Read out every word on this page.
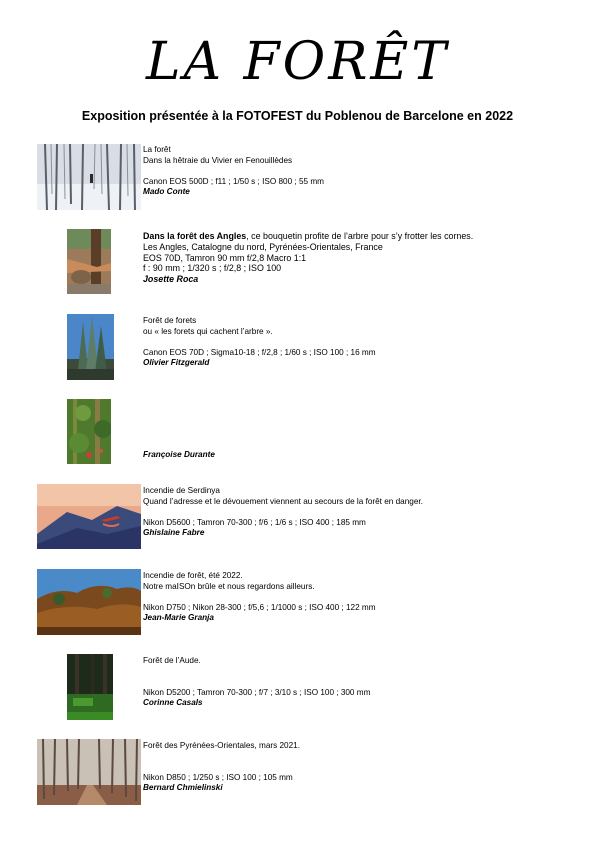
LA FORÊT
Exposition présentée à la FOTOFEST du Poblenou de Barcelone en 2022
La forêt
Dans la hêtraie du Vivier en Fenouillèdes
Canon EOS 500D ; f11 ; 1/50 s ; ISO 800 ; 55 mm
Mado Conte
Dans la forêt des Angles, ce bouquetin profite de l’arbre pour s’y frotter les cornes.
Les Angles, Catalogne du nord, Pyrénées-Orientales, France
EOS 70D, Tamron 90 mm f/2,8 Macro 1:1
f : 90 mm ; 1/320 s ; f/2,8 ; ISO 100
Josette Roca
Forêt de forets
ou « les forets qui cachent l’arbre ».
Canon EOS 70D ; Sigma10-18 ; f/2,8 ; 1/60 s ; ISO 100 ; 16 mm
Olivier Fitzgerald
Françoise Durante
Incendie de Serdinya
Quand l’adresse et le dévouement viennent au secours de la forêt en danger.
Nikon D5600 ; Tamron 70-300 ; f/6 ; 1/6 s ; ISO 400 ; 185 mm
Ghislaine Fabre
Incendie de forêt, été 2022.
Notre maISOn brûle et nous regardons ailleurs.
Nikon D750 ; Nikon 28-300 ; f/5,6 ; 1/1000 s ; ISO 400 ; 122 mm
Jean-Marie Granja
Forêt de l’Aude.
Nikon D5200 ; Tamron 70-300 ; f/7 ; 3/10 s ; ISO 100 ; 300 mm
Corinne Casals
Forêt des Pyrénées-Orientales, mars 2021.
Nikon D850 ; 1/250 s ; ISO 100 ; 105 mm
Bernard Chmielinski
